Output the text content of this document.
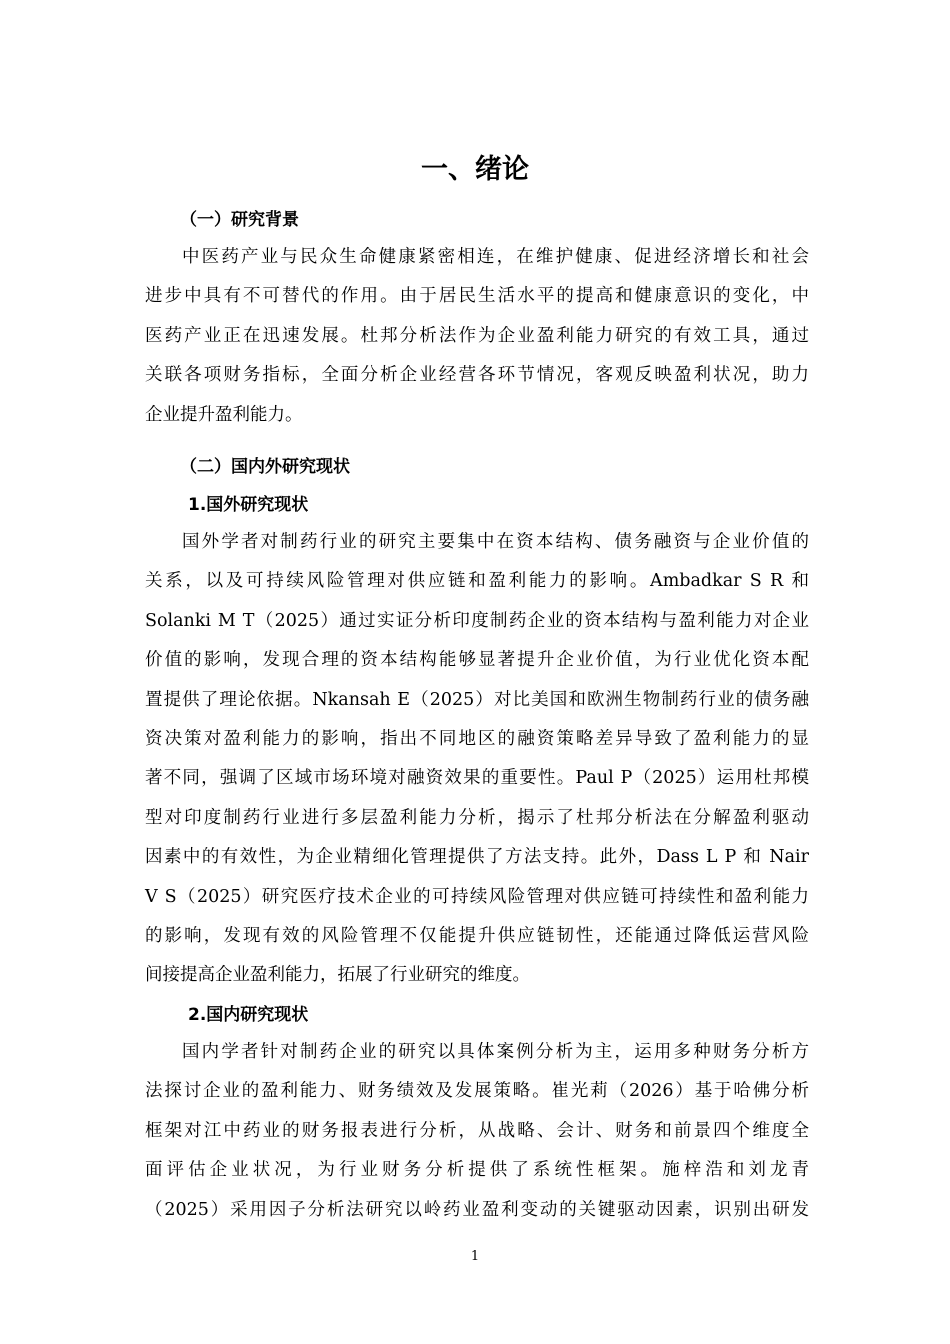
一、绪论
（一）研究背景
中医药产业与民众生命健康紧密相连，在维护健康、促进经济增长和社会
进步中具有不可替代的作用。由于居民生活水平的提高和健康意识的变化，中
医药产业正在迅速发展。杜邦分析法作为企业盈利能力研究的有效工具，通过
关联各项财务指标，全面分析企业经营各环节情况，客观反映盈利状况，助力
企业提升盈利能力。
（二）国内外研究现状
1.国外研究现状
国外学者对制药行业的研究主要集中在资本结构、债务融资与企业价值的
关系，以及可持续风险管理对供应链和盈利能力的影响。Ambadkar S R 和
Solanki M T（2025）通过实证分析印度制药企业的资本结构与盈利能力对企业
价值的影响，发现合理的资本结构能够显著提升企业价值，为行业优化资本配
置提供了理论依据。Nkansah E（2025）对比美国和欧洲生物制药行业的债务融
资决策对盈利能力的影响，指出不同地区的融资策略差异导致了盈利能力的显
著不同，强调了区域市场环境对融资效果的重要性。Paul P（2025）运用杜邦模
型对印度制药行业进行多层盈利能力分析，揭示了杜邦分析法在分解盈利驱动
因素中的有效性，为企业精细化管理提供了方法支持。此外，Dass L P 和 Nair
V S（2025）研究医疗技术企业的可持续风险管理对供应链可持续性和盈利能力
的影响，发现有效的风险管理不仅能提升供应链韧性，还能通过降低运营风险
间接提高企业盈利能力，拓展了行业研究的维度。
2.国内研究现状
国内学者针对制药企业的研究以具体案例分析为主，运用多种财务分析方
法探讨企业的盈利能力、财务绩效及发展策略。崔光莉（2026）基于哈佛分析
框架对江中药业的财务报表进行分析，从战略、会计、财务和前景四个维度全
面评估企业状况，为行业财务分析提供了系统性框架。施梓浩和刘龙青
（2025）采用因子分析法研究以岭药业盈利变动的关键驱动因素，识别出研发
1
